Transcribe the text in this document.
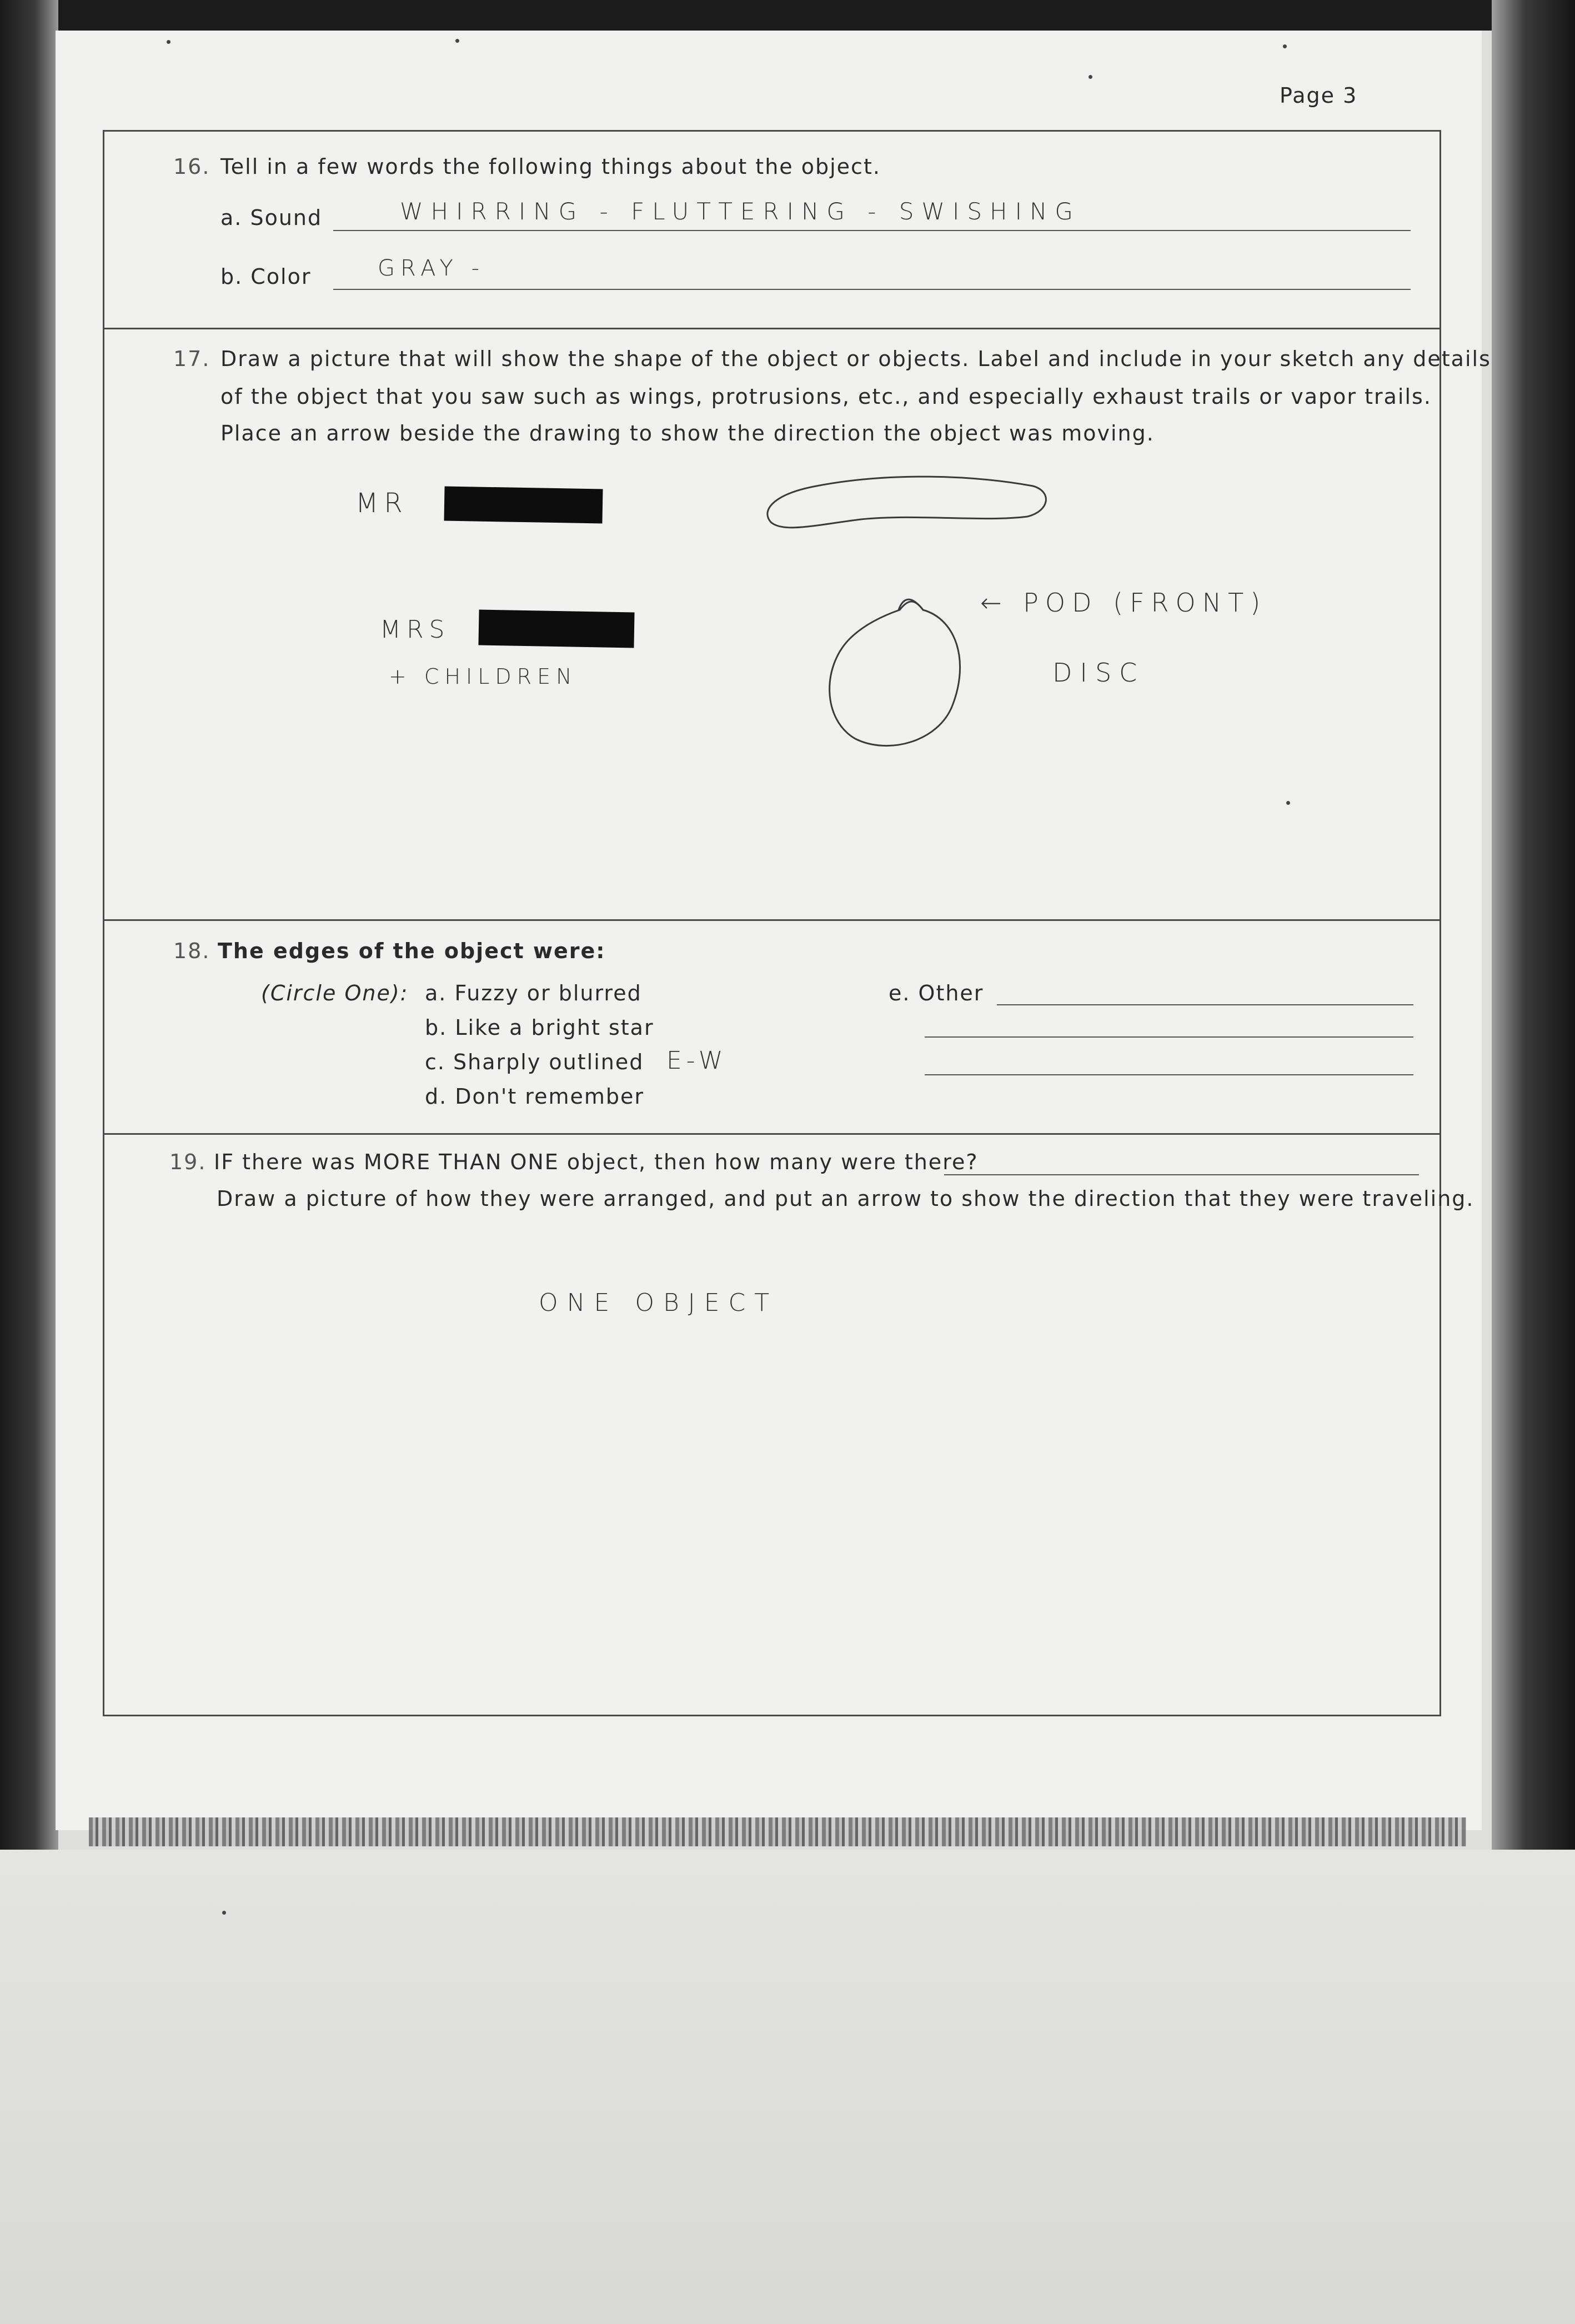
Page 3
16. Tell in a few words the following things about the object.
a. Sound	WHIRRING - FLUTTERING - SWISHING
b. Color	GRAY -
17. Draw a picture that will show the shape of the object or objects. Label and include in your sketch any details
of the object that you saw such as wings, protrusions, etc., and especially exhaust trails or vapor trails.
Place an arrow beside the drawing to show the direction the object was moving.
MR
MRS
+ CHILDREN
← POD (FRONT)
DISC
18. The edges of the object were:
(Circle One): a. Fuzzy or blurred
b. Like a bright star
c. Sharply outlined E-W
d. Don't remember
e. Other
19. IF there was MORE THAN ONE object, then how many were there?
Draw a picture of how they were arranged, and put an arrow to show the direction that they were traveling.
ONE OBJECT
